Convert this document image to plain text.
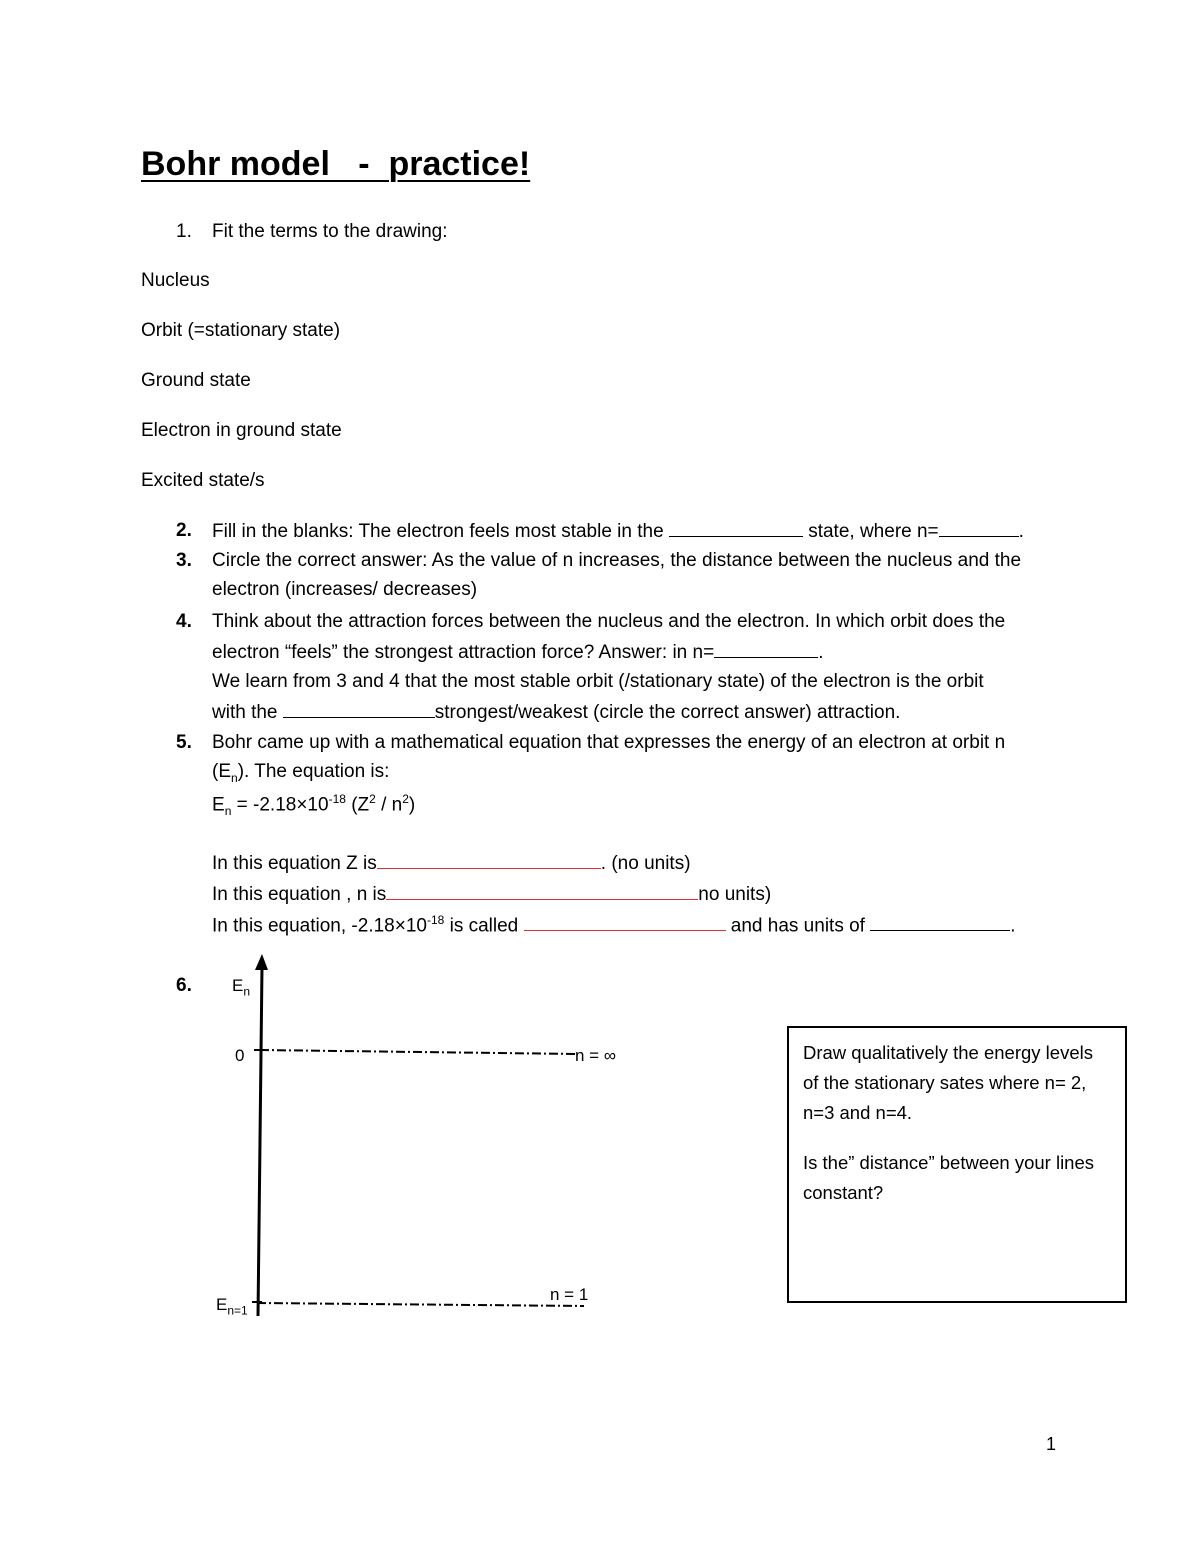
Bohr model   -  practice!
1. Fit the terms to the drawing:
Nucleus
Orbit (=stationary state)
Ground state
Electron in ground state
Excited state/s
2. Fill in the blanks: The electron feels most stable in the	state, where n=	.
3. Circle the correct answer: As the value of n increases, the distance between the nucleus and the
electron (increases/ decreases)
4. Think about the attraction forces between the nucleus and the electron. In which orbit does the
electron “feels” the strongest attraction force? Answer: in n=	.
We learn from 3 and 4 that the most stable orbit (/stationary state) of the electron is the orbit
with the	strongest/weakest (circle the correct answer) attraction.
5. Bohr came up with a mathematical equation that expresses the energy of an electron at orbit n
$(E_n)$. The equation is:
$E_n = -2.18\times 10^{-18}$ $(Z^2 / n^2)$
In this equation Z is	. (no units)
In this equation , n is	no units)
In this equation, $-2.18\times 10^{-18}$ is called	and has units of	.
6. $E_n$
0	n = ∞
$E_{n=1}$
n = 1

Draw qualitatively the energy levels of the stationary sates where n= 2, n=3 and n=4.

Is the” distance” between your lines constant?

1
